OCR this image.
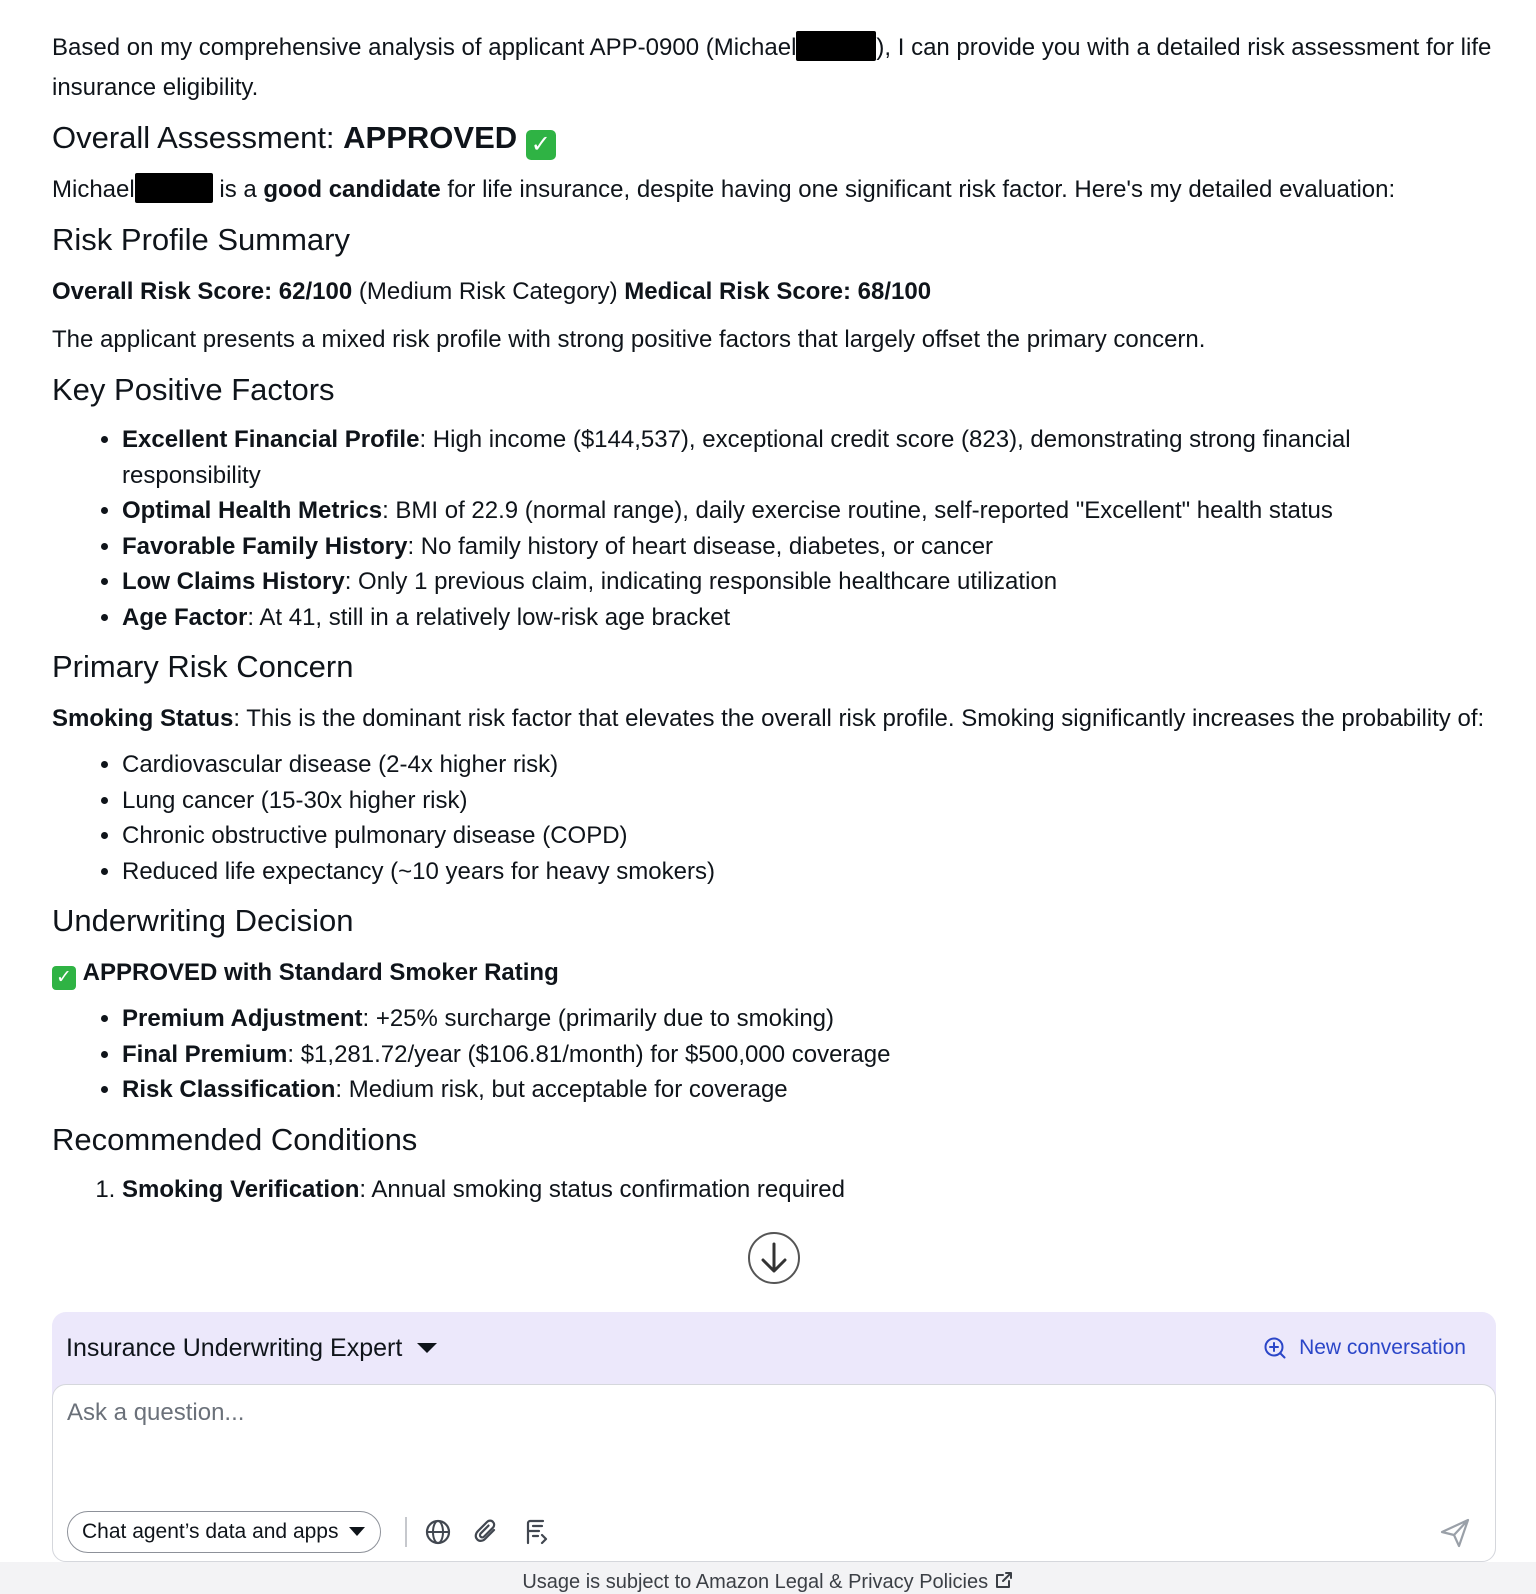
Based on my comprehensive analysis of applicant APP-0900 (Michael	), I can provide you with a detailed risk assessment for life insurance eligibility.

Overall Assessment: APPROVED ✓

Michael	is a good candidate for life insurance, despite having one significant risk factor. Here's my detailed evaluation:

Risk Profile Summary

Overall Risk Score: 62/100 (Medium Risk Category) Medical Risk Score: 68/100

The applicant presents a mixed risk profile with strong positive factors that largely offset the primary concern.

Key Positive Factors
• Excellent Financial Profile: High income ($144,537), exceptional credit score (823), demonstrating strong financial responsibility
• Optimal Health Metrics: BMI of 22.9 (normal range), daily exercise routine, self-reported "Excellent" health status
• Favorable Family History: No family history of heart disease, diabetes, or cancer
• Low Claims History: Only 1 previous claim, indicating responsible healthcare utilization
• Age Factor: At 41, still in a relatively low-risk age bracket
Primary Risk Concern

Smoking Status: This is the dominant risk factor that elevates the overall risk profile. Smoking significantly increases the probability of:

• Cardiovascular disease (2-4x higher risk)
• Lung cancer (15-30x higher risk)
• Chronic obstructive pulmonary disease (COPD)
• Reduced life expectancy (~10 years for heavy smokers)
Underwriting Decision

✓ APPROVED with Standard Smoker Rating

• Premium Adjustment: +25% surcharge (primarily due to smoking)
• Final Premium: $1,281.72/year ($106.81/month) for $500,000 coverage
• Risk Classification: Medium risk, but acceptable for coverage
Recommended Conditions
1. Smoking Verification: Annual smoking status confirmation required
Insurance Underwriting Expert	New conversation
Ask a question...
Chat agent’s data and apps
Usage is subject to Amazon Legal & Privacy Policies
